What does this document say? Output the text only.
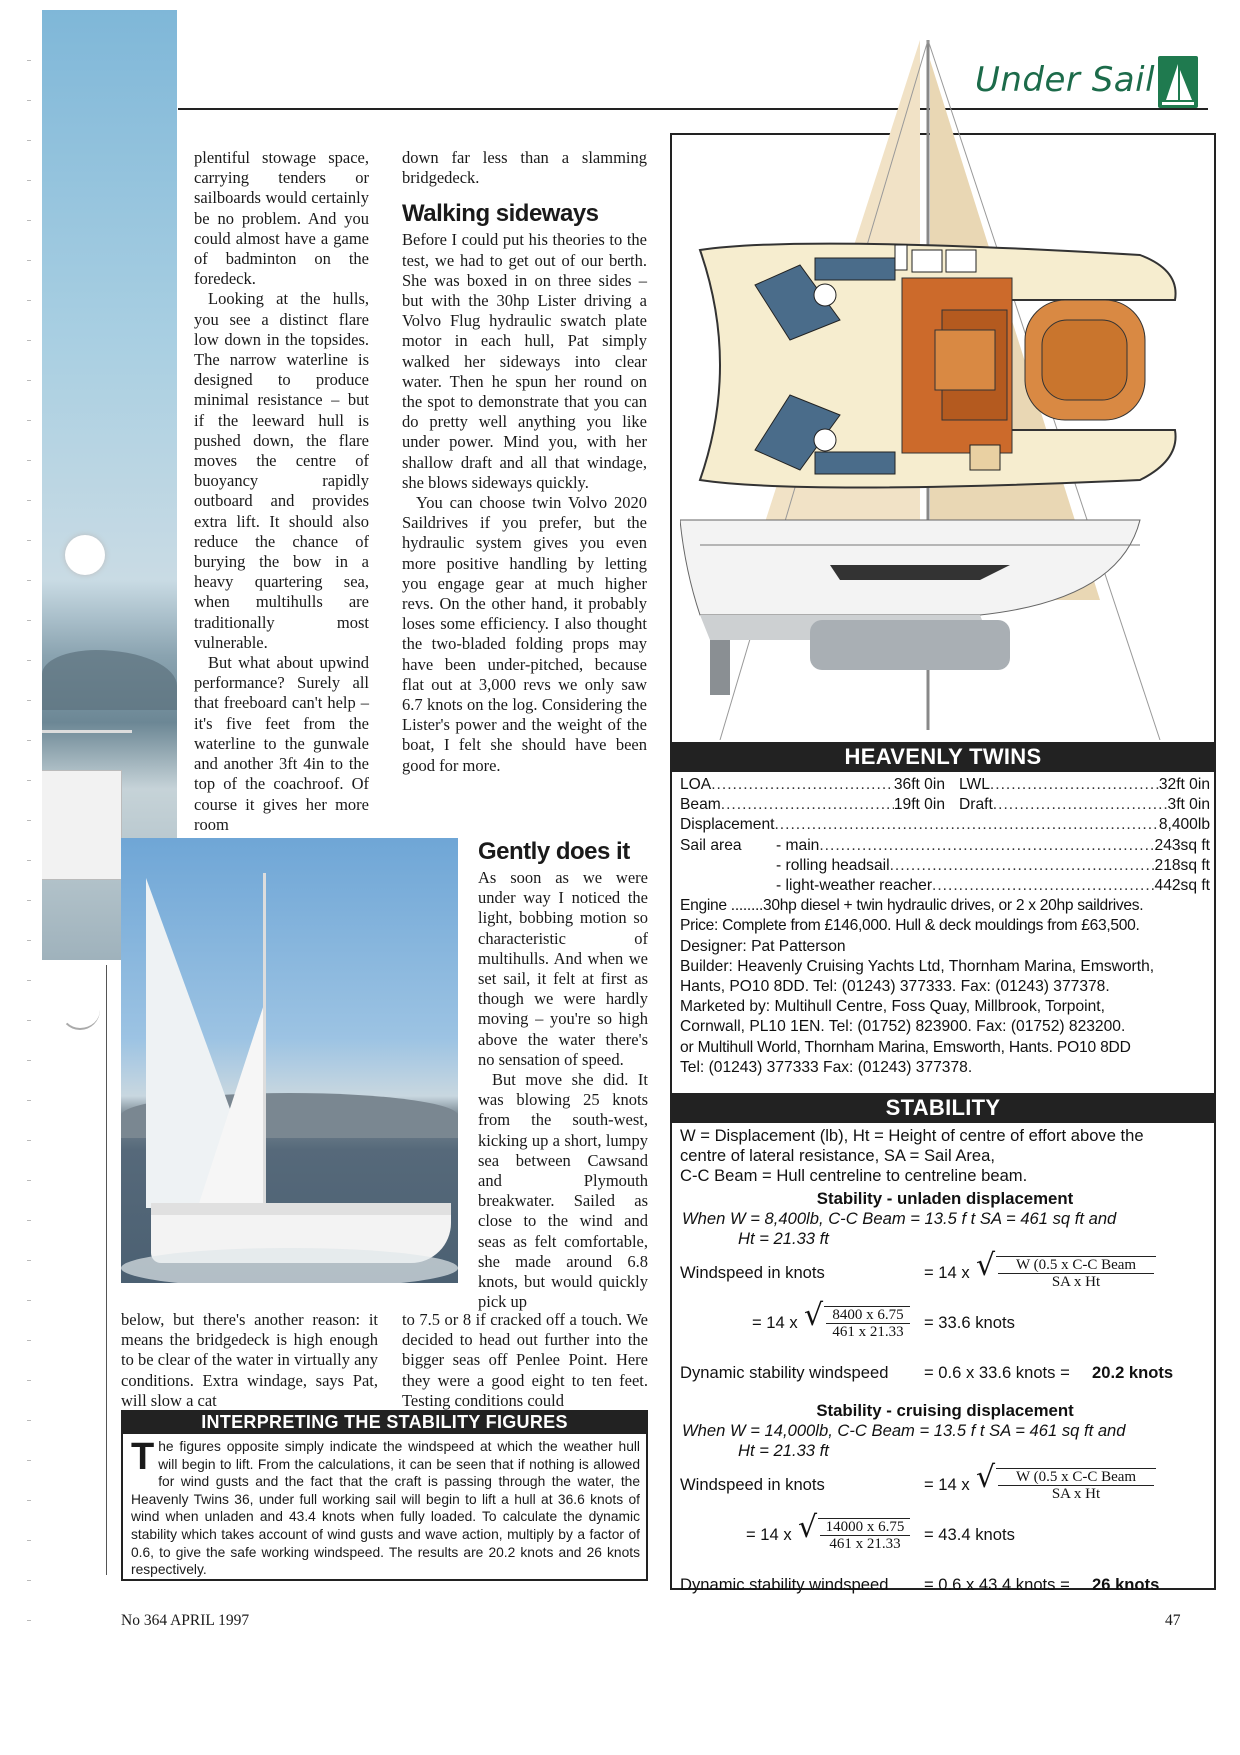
Under Sail

plentiful stowage space, carrying tenders or sailboards would certainly be no problem. And you could almost have a game of badminton on the foredeck.

Looking at the hulls, you see a distinct flare low down in the topsides. The narrow waterline is designed to produce minimal resistance – but if the leeward hull is pushed down, the flare moves the centre of buoyancy rapidly outboard and provides extra lift. It should also reduce the chance of burying the bow in a heavy quartering sea, when multihulls are traditionally most vulnerable.

But what about upwind performance? Surely all that freeboard can't help – it's five feet from the waterline to the gunwale and another 3ft 4in to the top of the coachroof. Of course it gives her more room

down far less than a slamming bridgedeck.

Walking sideways

Before I could put his theories to the test, we had to get out of our berth. She was boxed in on three sides – but with the 30hp Lister driving a Volvo Flug hydraulic swatch plate motor in each hull, Pat simply walked her sideways into clear water. Then he spun her round on the spot to demonstrate that you can do pretty well anything you like under power. Mind you, with her shallow draft and all that windage, she blows sideways quickly.

You can choose twin Volvo 2020 Saildrives if you prefer, but the hydraulic system gives you even more positive handling by letting you engage gear at much higher revs. On the other hand, it probably loses some efficiency. I also thought the two-bladed folding props may have been under-pitched, because flat out at 3,000 revs we only saw 6.7 knots on the log. Considering the Lister's power and the weight of the boat, I felt she should have been good for more.

Gently does it

As soon as we were under way I noticed the light, bobbing motion so characteristic of multihulls. And when we set sail, it felt at first as though we were hardly moving – you're so high above the water there's no sensation of speed.

But move she did. It was blowing 25 knots from the south-west, kicking up a short, lumpy sea between Cawsand and Plymouth breakwater. Sailed as close to the wind and seas as felt comfortable, she made around 6.8 knots, but would quickly pick up

below, but there's another reason: it means the bridgedeck is high enough to be clear of the water in virtually any conditions. Extra windage, says Pat, will slow a cat

to 7.5 or 8 if cracked off a touch. We decided to head out further into the bigger seas off Penlee Point. Here they were a good eight to ten feet. Testing conditions could

HEAVENLY TWINS
LOA .....	36ft 0in LWL .....	32ft 0in
Beam .....	19ft 0in Draft .....	3ft 0in
Displacement .....	8,400lb
Sail area	- main .....	243sq ft
- rolling headsail .....	218sq ft
- light-weather reacher .....	442sq ft
Engine ........30hp diesel + twin hydraulic drives, or 2 x 20hp saildrives.
Price: Complete from £146,000. Hull & deck mouldings from £63,500.
Designer: Pat Patterson
Builder: Heavenly Cruising Yachts Ltd, Thornham Marina, Emsworth,
Hants, PO10 8DD. Tel: (01243) 377333. Fax: (01243) 377378.
Marketed by: Multihull Centre, Foss Quay, Millbrook, Torpoint,
Cornwall, PL10 1EN. Tel: (01752) 823900. Fax: (01752) 823200.
or Multihull World, Thornham Marina, Emsworth, Hants. PO10 8DD
Tel: (01243) 377333 Fax: (01243) 377378.
STABILITY
W = Displacement (lb), Ht = Height of centre of effort above the
centre of lateral resistance, SA = Sail Area,
C-C Beam = Hull centreline to centreline beam.
Stability - unladen displacement
When W = 8,400lb, C-C Beam = 13.5 f t SA = 461 sq ft and
Ht = 21.33 ft
Windspeed in knots	= 14 x √	W (0.5 x C-C Beam
SA x Ht
= 14 x √ $\frac{8400 x 6.75}{461 x 21.33} = 33.6$ knots
Dynamic stability windspeed = 0.6 x 33.6 knots = 20.2 knots
Stability - cruising displacement
When W = 14,000lb, C-C Beam = 13.5 f t SA = 461 sq ft and
Ht = 21.33 ft
Windspeed in knots	= 14 x √	W (0.5 x C-C Beam
SA x Ht
= 14 x √ $\frac{14000 x 6.75}{461 x 21.33} = 43.4$ knots
Dynamic stability windspeed = 0.6 x 43.4 knots = 26 knots
INTERPRETING THE STABILITY FIGURES
T he figures opposite simply indicate the windspeed at which the weather hull will begin to lift. From the calculations, it can be seen that if nothing is allowed for wind gusts and the fact that the craft is passing through the water, the Heavenly Twins 36, under full working sail will begin to lift a hull at 36.6 knots of wind when unladen and 43.4 knots when fully loaded. To calculate the dynamic stability which takes account of wind gusts and wave action, multiply by a factor of 0.6, to give the safe working windspeed. The results are 20.2 knots and 26 knots respectively.
No 364 APRIL 1997	47
